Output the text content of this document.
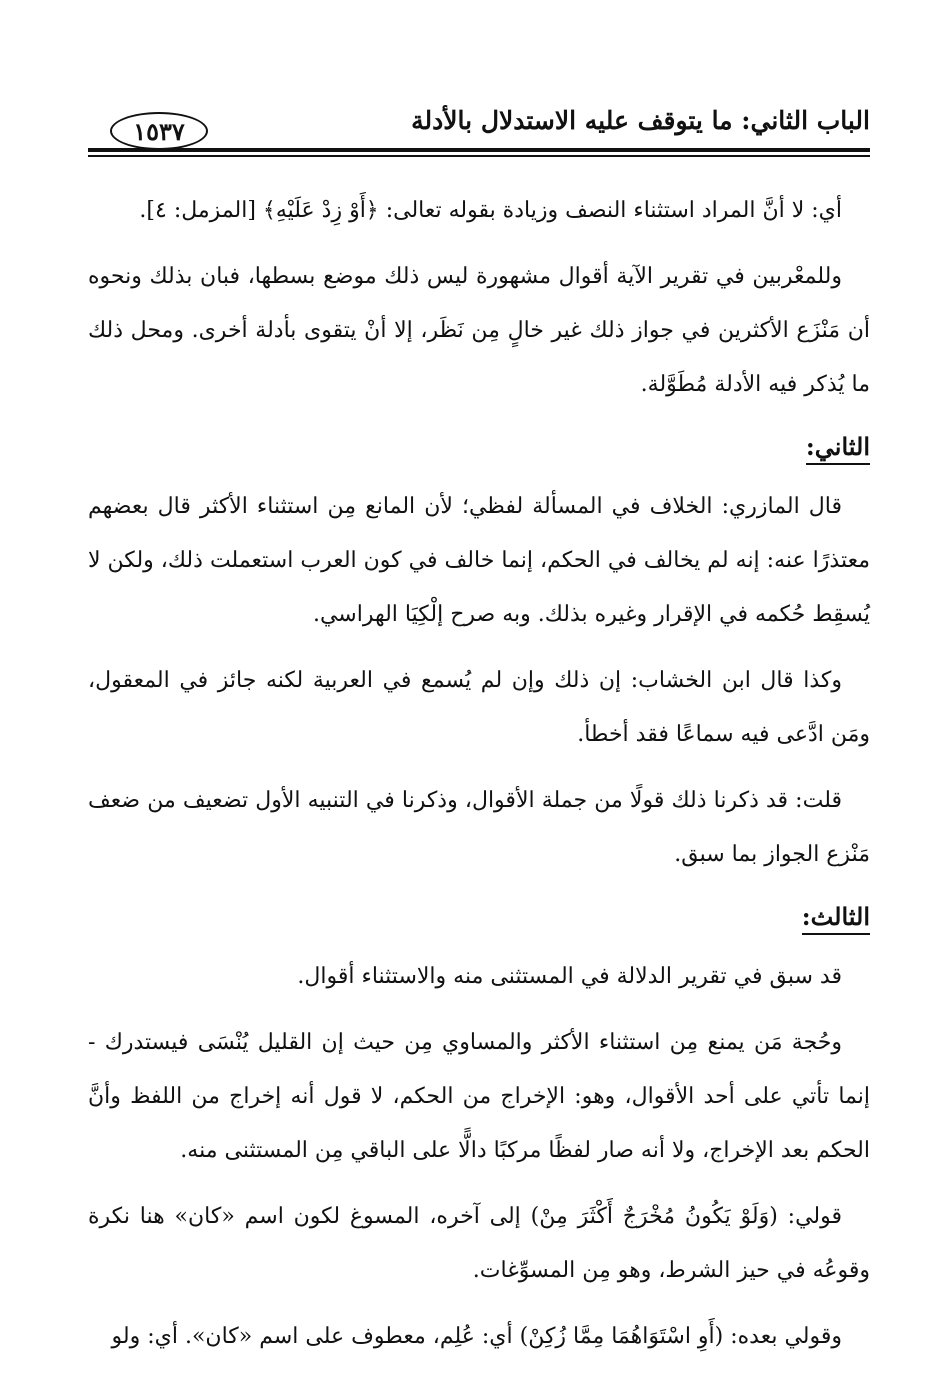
الباب الثاني: ما يتوقف عليه الاستدلال بالأدلة
١٥٣٧

أي: لا أنَّ المراد استثناء النصف وزيادة بقوله تعالى: ﴿أَوْ زِدْ عَلَيْهِ﴾ [المزمل: ٤].

وللمعْربين في تقرير الآية أقوال مشهورة ليس ذلك موضع بسطها، فبان بذلك ونحوه أن مَنْزَع الأكثرين في جواز ذلك غير خالٍ مِن نَظَر، إلا أنْ يتقوى بأدلة أخرى. ومحل ذلك ما يُذكر فيه الأدلة مُطَوَّلة.

الثاني:

قال المازري: الخلاف في المسألة لفظي؛ لأن المانع مِن استثناء الأكثر قال بعضهم معتذرًا عنه: إنه لم يخالف في الحكم، إنما خالف في كون العرب استعملت ذلك، ولكن لا يُسقِط حُكمه في الإقرار وغيره بذلك. وبه صرح إلْكِيَا الهراسي.

وكذا قال ابن الخشاب: إن ذلك وإن لم يُسمع في العربية لكنه جائز في المعقول، ومَن ادَّعى فيه سماعًا فقد أخطأ.

قلت: قد ذكرنا ذلك قولًا من جملة الأقوال، وذكرنا في التنبيه الأول تضعيف من ضعف مَنْزع الجواز بما سبق.

الثالث:

قد سبق في تقرير الدلالة في المستثنى منه والاستثناء أقوال.

وحُجة مَن يمنع مِن استثناء الأكثر والمساوي مِن حيث إن القليل يُنْسَى فيستدرك - إنما تأتي على أحد الأقوال، وهو: الإخراج من الحكم، لا قول أنه إخراج من اللفظ وأنَّ الحكم بعد الإخراج، ولا أنه صار لفظًا مركبًا دالًّا على الباقي مِن المستثنى منه.

قولي: (وَلَوْ يَكُونُ مُخْرَجٌ أَكْثَرَ مِنْ) إلى آخره، المسوغ لكون اسم «كان» هنا نكرة وقوعُه في حيز الشرط، وهو مِن المسوِّغات.

وقولي بعده: (أَوِ اسْتَوَاهُمَا مِمَّا زُكِنْ) أي: عُلِم، معطوف على اسم «كان». أي: ولو
